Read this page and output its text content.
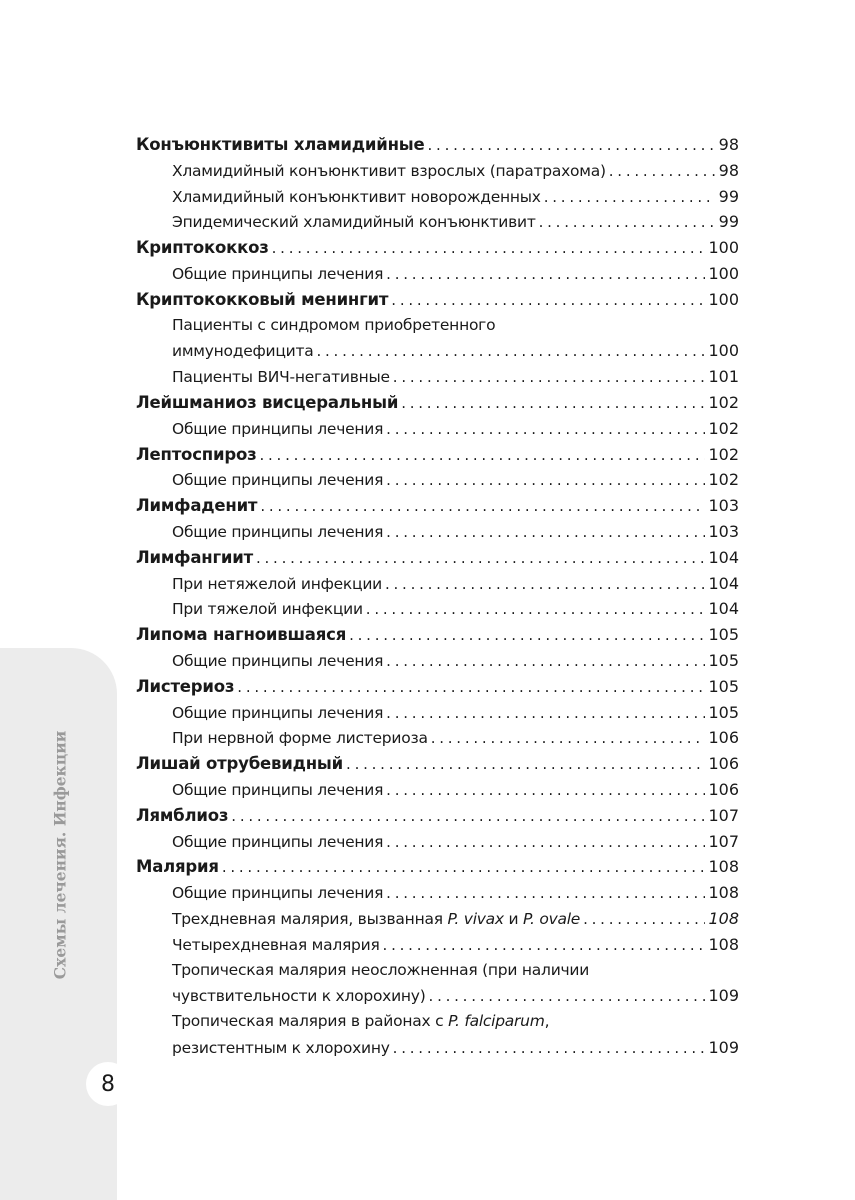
Схемы лечения. Инфекции
8
Конъюнктивиты хламидийные . . .	98
Хламидийный конъюнктивит взрослых (паратрахома) . . .	98
Хламидийный конъюнктивит новорожденных . . .	99
Эпидемический хламидийный конъюнктивит . . .	99
Криптококкоз . . .	100
Общие принципы лечения . . .	100
Криптококковый менингит . . .	100
Пациенты с синдромом приобретенного
иммунодефицита . . .	100
Пациенты ВИЧ-негативные . . .	101
Лейшманиоз висцеральный . . .	102
Общие принципы лечения . . .	102
Лептоспироз . . .	102
Общие принципы лечения . . .	102
Лимфаденит . . .	103
Общие принципы лечения . . .	103
Лимфангиит . . .	104
При нетяжелой инфекции . . .	104
При тяжелой инфекции . . .	104
Липома нагноившаяся . . .	105
Общие принципы лечения . . .	105
Листериоз . . .	105
Общие принципы лечения . . .	105
При нервной форме листериоза . . .	106
Лишай отрубевидный . . .	106
Общие принципы лечения . . .	106
Лямблиоз . . .	107
Общие принципы лечения . . .	107
Малярия . . .	108
Общие принципы лечения . . .	108
Трехдневная малярия, вызванная P. vivax и P. ovale . . .	108
Четырехдневная малярия . . .	108
Тропическая малярия неосложненная (при наличии
чувствительности к хлорохину) . . .	109
Тропическая малярия в районах с P. falciparum,
резистентным к хлорохину . . .	109
